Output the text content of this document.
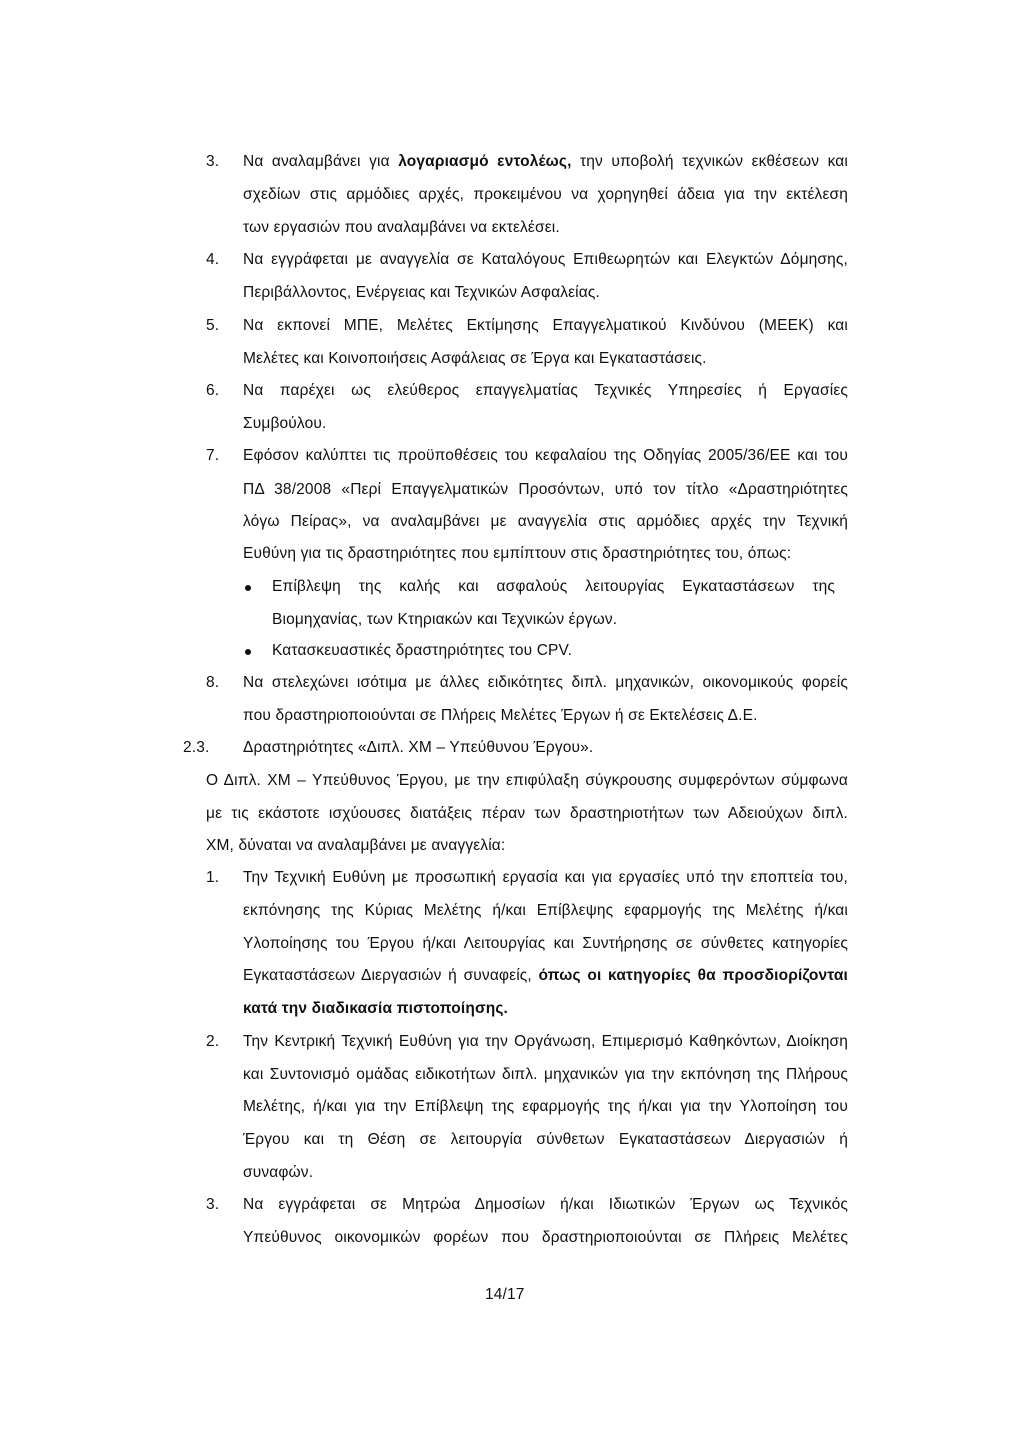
3. Να αναλαμβάνει για λογαριασμό εντολέως, την υποβολή τεχνικών εκθέσεων και
σχεδίων στις αρμόδιες αρχές, προκειμένου να χορηγηθεί άδεια για την εκτέλεση
των εργασιών που αναλαμβάνει να εκτελέσει.
4. Να εγγράφεται με αναγγελία σε Καταλόγους Επιθεωρητών και Ελεγκτών Δόμησης,
Περιβάλλοντος, Ενέργειας και Τεχνικών Ασφαλείας.
5. Να εκπονεί ΜΠΕ, Μελέτες Εκτίμησης Επαγγελματικού Κινδύνου (ΜΕΕΚ) και
Μελέτες και Κοινοποιήσεις Ασφάλειας σε Έργα και Εγκαταστάσεις.
6. Να παρέχει ως ελεύθερος επαγγελματίας Τεχνικές Υπηρεσίες ή Εργασίες
Συμβούλου.
7. Εφόσον καλύπτει τις προϋποθέσεις του κεφαλαίου της Οδηγίας 2005/36/ΕΕ και του
ΠΔ 38/2008 «Περί Επαγγελματικών Προσόντων, υπό τον τίτλο «Δραστηριότητες
λόγω Πείρας», να αναλαμβάνει με αναγγελία στις αρμόδιες αρχές την Τεχνική
Ευθύνη για τις δραστηριότητες που εμπίπτουν στις δραστηριότητες του, όπως:
Επίβλεψη της καλής και ασφαλούς λειτουργίας Εγκαταστάσεων της
Βιομηχανίας, των Κτηριακών και Τεχνικών έργων.
Κατασκευαστικές δραστηριότητες του CPV.
8. Να στελεχώνει ισότιμα με άλλες ειδικότητες διπλ. μηχανικών, οικονομικούς φορείς
που δραστηριοποιούνται σε Πλήρεις Μελέτες Έργων ή σε Εκτελέσεις Δ.Ε.
2.3. Δραστηριότητες «Διπλ. ΧΜ – Υπεύθυνου Έργου».
Ο Διπλ. ΧΜ – Υπεύθυνος Έργου, με την επιφύλαξη σύγκρουσης συμφερόντων σύμφωνα
με τις εκάστοτε ισχύουσες διατάξεις πέραν των δραστηριοτήτων των Αδειούχων διπλ.
ΧΜ, δύναται να αναλαμβάνει με αναγγελία:
1. Την Τεχνική Ευθύνη με προσωπική εργασία και για εργασίες υπό την εποπτεία του,
εκπόνησης της Κύριας Μελέτης ή/και Επίβλεψης εφαρμογής της Μελέτης ή/και
Υλοποίησης του Έργου ή/και Λειτουργίας και Συντήρησης σε σύνθετες κατηγορίες
Εγκαταστάσεων Διεργασιών ή συναφείς, όπως οι κατηγορίες θα προσδιορίζονται
κατά την διαδικασία πιστοποίησης.
2. Την Κεντρική Τεχνική Ευθύνη για την Οργάνωση, Επιμερισμό Καθηκόντων, Διοίκηση
και Συντονισμό ομάδας ειδικοτήτων διπλ. μηχανικών για την εκπόνηση της Πλήρους
Μελέτης, ή/και για την Επίβλεψη της εφαρμογής της ή/και για την Υλοποίηση του
Έργου και τη Θέση σε λειτουργία σύνθετων Εγκαταστάσεων Διεργασιών ή
συναφών.
3. Να εγγράφεται σε Μητρώα Δημοσίων ή/και Ιδιωτικών Έργων ως Τεχνικός
Υπεύθυνος οικονομικών φορέων που δραστηριοποιούνται σε Πλήρεις Μελέτες
14/17
